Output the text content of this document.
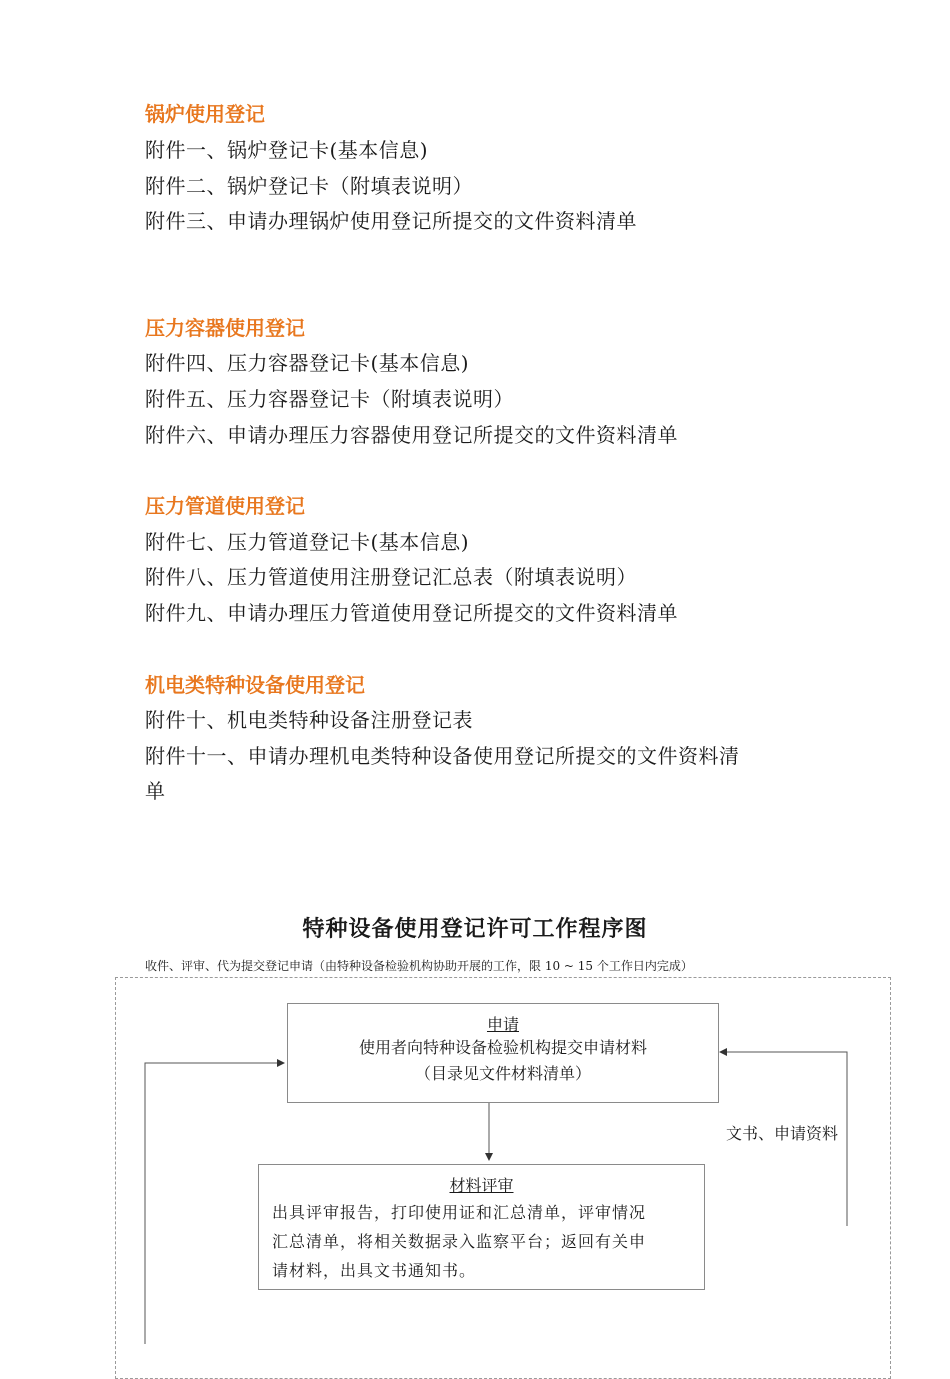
锅炉使用登记
附件一、锅炉登记卡(基本信息)
附件二、锅炉登记卡（附填表说明）
附件三、申请办理锅炉使用登记所提交的文件资料清单
压力容器使用登记
附件四、压力容器登记卡(基本信息)
附件五、压力容器登记卡（附填表说明）
附件六、申请办理压力容器使用登记所提交的文件资料清单
压力管道使用登记
附件七、压力管道登记卡(基本信息)
附件八、压力管道使用注册登记汇总表（附填表说明）
附件九、申请办理压力管道使用登记所提交的文件资料清单
机电类特种设备使用登记
附件十、机电类特种设备注册登记表
附件十一、申请办理机电类特种设备使用登记所提交的文件资料清
单
特种设备使用登记许可工作程序图
收件、评审、代为提交登记申请（由特种设备检验机构协助开展的工作，限 10 ~ 15 个工作日内完成）
申请
使用者向特种设备检验机构提交申请材料
（目录见文件材料清单）
文书、申请资料
材料评审
出具评审报告，打印使用证和汇总清单，评审情况
汇总清单，将相关数据录入监察平台；返回有关申
请材料，出具文书通知书。
